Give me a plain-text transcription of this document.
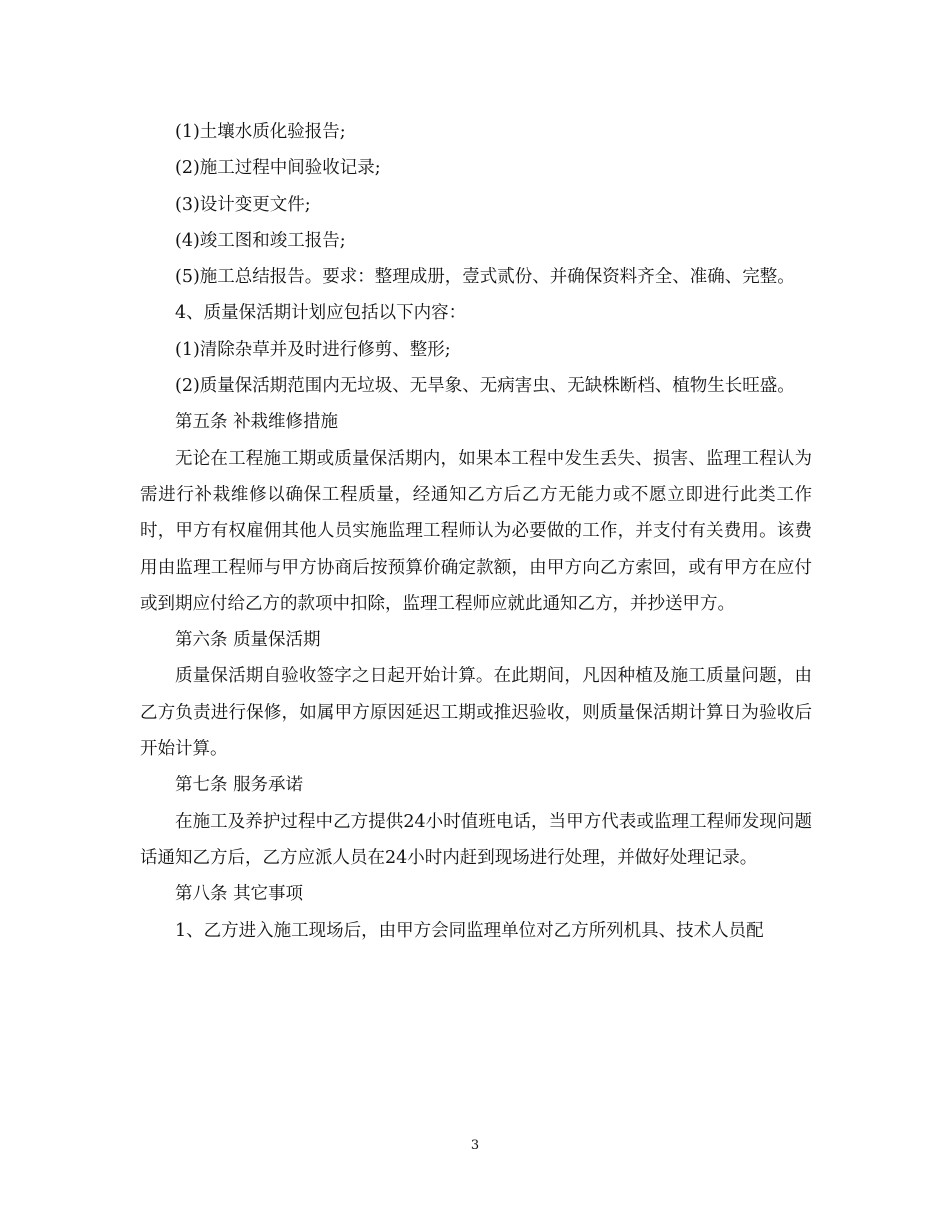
(1)土壤水质化验报告;

(2)施工过程中间验收记录;

(3)设计变更文件;

(4)竣工图和竣工报告;

(5)施工总结报告。要求：整理成册，壹式贰份、并确保资料齐全、准确、完整。

4、质量保活期计划应包括以下内容：

(1)清除杂草并及时进行修剪、整形;

(2)质量保活期范围内无垃圾、无旱象、无病害虫、无缺株断档、植物生长旺盛。

第五条 补栽维修措施

无论在工程施工期或质量保活期内，如果本工程中发生丢失、损害、监理工程认为需进行补栽维修以确保工程质量，经通知乙方后乙方无能力或不愿立即进行此类工作时，甲方有权雇佣其他人员实施监理工程师认为必要做的工作，并支付有关费用。该费用由监理工程师与甲方协商后按预算价确定款额，由甲方向乙方索回，或有甲方在应付或到期应付给乙方的款项中扣除，监理工程师应就此通知乙方，并抄送甲方。

第六条 质量保活期

质量保活期自验收签字之日起开始计算。在此期间，凡因种植及施工质量问题，由乙方负责进行保修，如属甲方原因延迟工期或推迟验收，则质量保活期计算日为验收后开始计算。

第七条 服务承诺

在施工及养护过程中乙方提供24小时值班电话，当甲方代表或监理工程师发现问题话通知乙方后，乙方应派人员在24小时内赶到现场进行处理，并做好处理记录。

第八条 其它事项

1、乙方进入施工现场后，由甲方会同监理单位对乙方所列机具、技术人员配

3
